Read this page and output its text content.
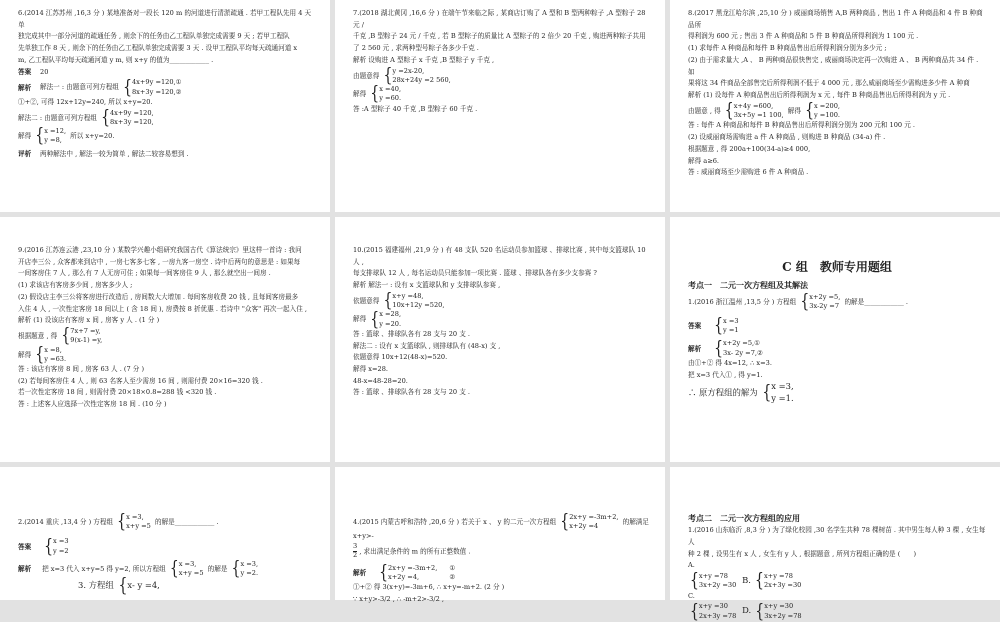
6.(2014 江苏苏州 ,16,3 分 ) 某地准备对一段长 120 m 的河道进行清淤疏通 . 若甲工程队先用 4 天单

独完成其中一部分河道的疏通任务 , 则余下的任务由乙工程队单独完成需要 9 天 ; 若甲工程队

先单独工作 8 天 , 则余下的任务由乙工程队单独完成需要 3 天 . 设甲工程队平均每天疏通河道 x

m, 乙工程队平均每天疏通河道 y m, 则 x+y 的值为____________ .

答案 20

解析 解法一 : 由题意可列方程组 {4x+9y =120,①
8x+3y =120,②

①+②, 可得 12x+12y=240, 所以 x+y=20.

解法二 : 由题意可列方程组 {4x+9y =120,
8x+3y =120,

解得 {x =12,
y =8, 所以 x+y=20.

评析 两种解法中 , 解法一较为简单 , 解法二较容易想到 .

7.(2018 湖北黄冈 ,16,6 分 ) 在端午节来临之际 , 某商店订购了 A 型和 B 型两种粽子 ,A 型粽子 28 元 /

千克 ,B 型粽子 24 元 / 千克 , 若 B 型粽子的质量比 A 型粽子的 2 倍少 20 千克 , 购进两种粽子共用

了 2 560 元 , 求两种型号粽子各多少千克 .

解析 设购进 A 型粽子 x 千克 ,B 型粽子 y 千克 ,

由题意得 {y =2x-20,
28x+24y =2 560,

解得 {x =40,
y =60.

答 :A 型粽子 40 千克 ,B 型粽子 60 千克 .

8.(2017 黑龙江哈尔滨 ,25,10 分 ) 威丽商场销售 A,B 两种商品 , 售出 1 件 A 种商品和 4 件 B 种商

品所

得利润为 600 元 ; 售出 3 件 A 种商品和 5 件 B 种商品所得利润为 1 100 元 .

(1) 求每件 A 种商品和每件 B 种商品售出后所得利润分别为多少元 ;

(2) 由于需求量大 ,A 、 B 两种商品很快售完 , 威丽商场决定再一次购进 A 、 B 两种商品共 34 件 .

如

果将这 34 件商品全部售完后所得利润不低于 4 000 元 , 那么威丽商场至少需购进多少件 A 种商

解析 (1) 设每件 A 种商品售出后所得利润为 x 元 , 每件 B 种商品售出后所得利润为 y 元 .

由题意 , 得 {x+4y =600,
3x+5y =1 100, 解得 {x =200,
y =100.

答 : 每件 A 种商品和每件 B 种商品售出后所得利润分别为 200 元和 100 元 .

(2) 设威丽商场需购进 a 件 A 种商品 , 则购进 B 种商品 (34-a) 件 .

根据题意 , 得 200a+100(34-a)≥4 000,

解得 a≥6.

答 : 威丽商场至少需购进 6 件 A 种商品 .

9.(2016 江苏连云港 ,23,10 分 ) 某数学兴趣小组研究我国古代《算法统宗》里这样一首诗 : 我问

开店李三公 , 众客都来到店中 , 一房七客多七客 , 一房九客一房空 . 诗中后两句的意思是 : 如果每

一间客房住 7 人 , 那么有 7 人无房可住 ; 如果每一间客房住 9 人 , 那么就空出一间房 .

(1) 求该店有客房多少间 , 房客多少人 ;

(2) 假设店主李三公将客房进行改造后 , 房间数大大增加 . 每间客房收费 20 钱 , 且每间客房最多

入住 4 人 , 一次性定客房 18 间以上 ( 含 18 间 ), 房费按 8 折优惠 . 若诗中 "众客" 再次一起入住 ,

解析 (1) 设该店有客房 x 间 , 房客 y 人 . (1 分 )

根据题意 , 得 {7x+7 =y,
9(x-1) =y,

解得 {x =8,
y =63.

答 : 该店有客房 8 间 , 房客 63 人 . (7 分 )

(2) 若每间客房住 4 人 , 则 63 名客人至少需房 16 间 , 则需付费 20×16=320 钱 .

若一次性定客房 18 间 , 则需付费 20×18×0.8=288 钱 <320 钱 .

答 : 上述客人应选择一次性定客房 18 间 . (10 分 )

10.(2015 福建福州 ,21,9 分 ) 有 48 支队 520 名运动员参加篮球 、排球比赛 , 其中每支篮球队 10

人 ,

每支排球队 12 人 , 每名运动员只能参加一项比赛 . 篮球 、排球队各有多少支参赛 ?

解析 解法一 : 设有 x 支篮球队和 y 支排球队参赛 ,

依题意得 {x+y =48,
10x+12y =520,

解得 {x =28,
y =20.

答 : 篮球 、排球队各有 28 支与 20 支 .

解法二 : 设有 x 支篮球队 , 则排球队有 (48-x) 支 ,

依题意得 10x+12(48-x)=520.

解得 x=28.

48-x=48-28=20.

答 : 篮球 、排球队各有 28 支与 20 支 .

C 组　教师专用题组

考点一　二元一次方程组及其解法

1.(2016 浙江温州 ,13,5 分 ) 方程组 {x+2y =5,
3x-2y =7 的解是____________ .

答案 {x =3
y =1

解析 {x+2y =5,①
3x- 2y =7,②

由①+② 得 4x=12, ∴ x=3.

把 x=3 代入① , 得 y=1.

∴ 原方程组的解为 {x =3,
y =1.

2.(2014 重庆 ,13,4 分 ) 方程组 {x =3,
x+y =5 的解是____________ .

答案 {x =3
y =2

解析 把 x=3 代入 x+y=5 得 y=2, 所以方程组 {x =3,
x+y =5 的解是 {x =3,
y =2.

3. 方程组 {x- y =4,

4.(2015 内蒙古呼和浩特 ,20,6 分 ) 若关于 x 、 y 的二元一次方程组 {2x+y =-3m+2,
x+2y =4	的解满足 x+y>-

$\frac{3}{2}$ , 求出满足条件的 m 的所有正整数值 .

解析 {2x+y =-3m+2,
x+2y =4, ①
②

①+② 得 3(x+y)=-3m+6, ∴ x+y=-m+2. (2 分 )

∵ x+y>-3/2 , ∴ -m+2>-3/2 ,

考点二　二元一次方程组的应用

1.(2016 山东临沂 ,8,3 分 ) 为了绿化校园 ,30 名学生共种 78 棵树苗 . 其中男生每人种 3 棵 , 女生每人

种 2 棵 , 设男生有 x 人 , 女生有 y 人 , 根据题意 , 所列方程组正确的是 (　　)

A. {x+y =78
3x+2y =30 B. {x+y =78
2x+3y =30

C. {x+y =30
2x+3y =78 D. {x+y =30
3x+2y =78
